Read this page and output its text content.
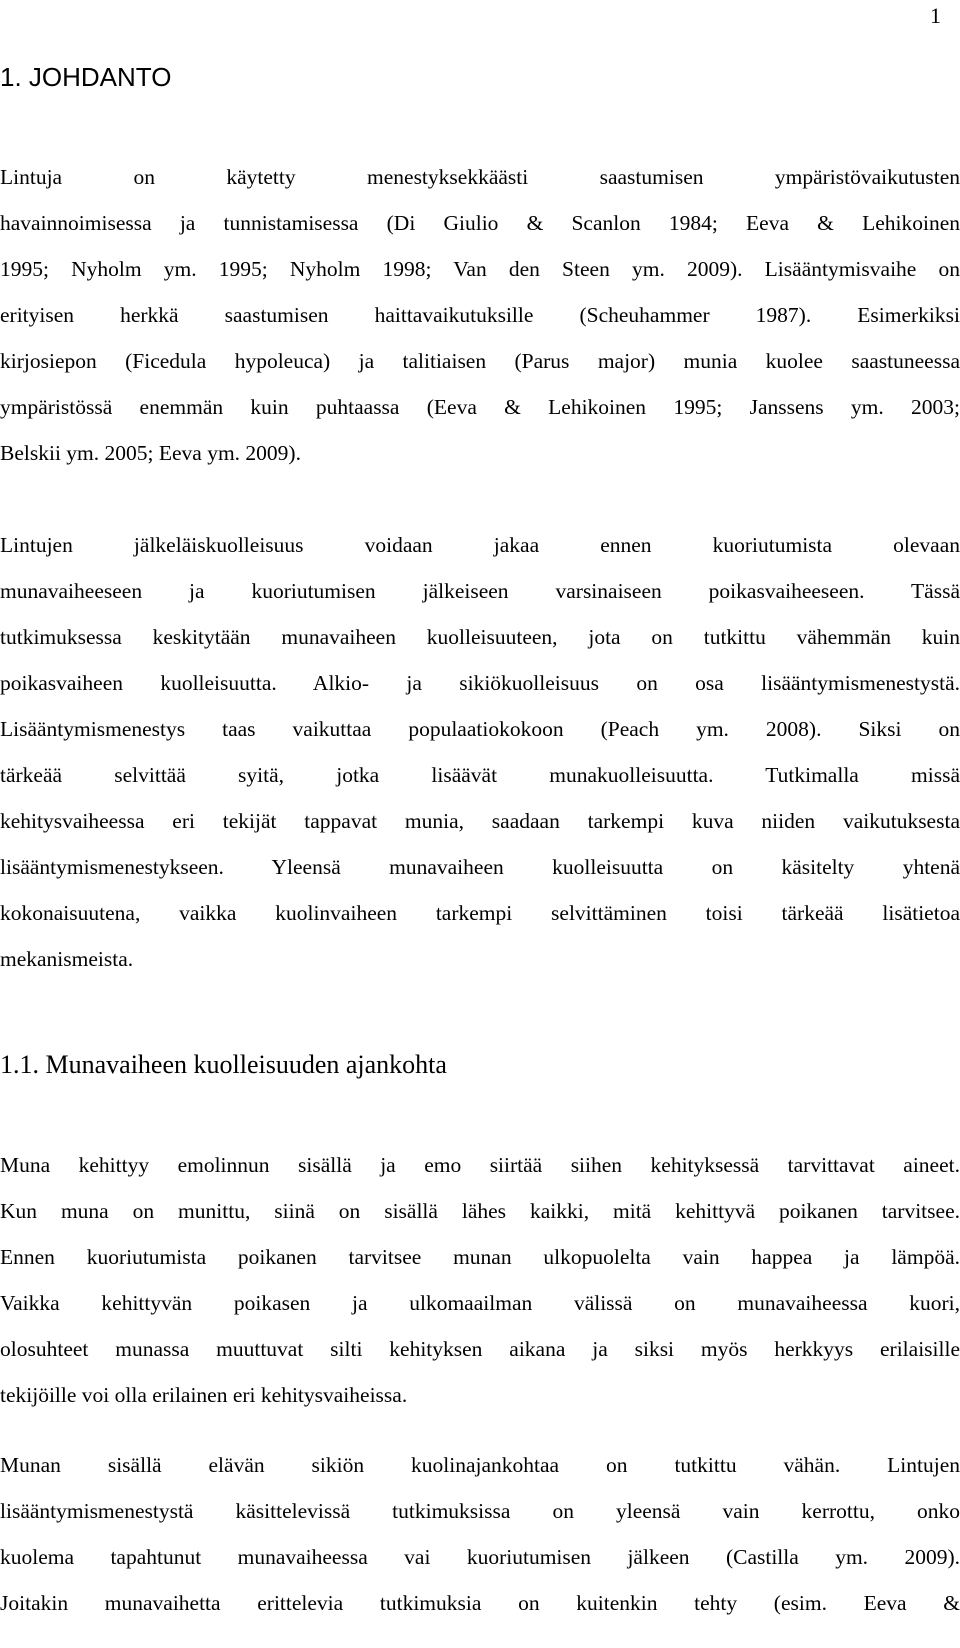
1
1. JOHDANTO
Lintuja on käytetty menestyksekkäästi saastumisen ympäristövaikutusten
havainnoimisessa ja tunnistamisessa (Di Giulio & Scanlon 1984; Eeva & Lehikoinen
1995; Nyholm ym. 1995; Nyholm 1998; Van den Steen ym. 2009). Lisääntymisvaihe on
erityisen herkkä saastumisen haittavaikutuksille (Scheuhammer 1987). Esimerkiksi
kirjosiepon (Ficedula hypoleuca) ja talitiaisen (Parus major) munia kuolee saastuneessa
ympäristössä enemmän kuin puhtaassa (Eeva & Lehikoinen 1995; Janssens ym. 2003;
Belskii ym. 2005; Eeva ym. 2009).
Lintujen jälkeläiskuolleisuus voidaan jakaa ennen kuoriutumista olevaan
munavaiheeseen ja kuoriutumisen jälkeiseen varsinaiseen poikasvaiheeseen. Tässä
tutkimuksessa keskitytään munavaiheen kuolleisuuteen, jota on tutkittu vähemmän kuin
poikasvaiheen kuolleisuutta. Alkio- ja sikiökuolleisuus on osa lisääntymismenestystä.
Lisääntymismenestys taas vaikuttaa populaatiokokoon (Peach ym. 2008). Siksi on
tärkeää selvittää syitä, jotka lisäävät munakuolleisuutta. Tutkimalla missä
kehitysvaiheessa eri tekijät tappavat munia, saadaan tarkempi kuva niiden vaikutuksesta
lisääntymismenestykseen. Yleensä munavaiheen kuolleisuutta on käsitelty yhtenä
kokonaisuutena, vaikka kuolinvaiheen tarkempi selvittäminen toisi tärkeää lisätietoa
mekanismeista.
1.1. Munavaiheen kuolleisuuden ajankohta
Muna kehittyy emolinnun sisällä ja emo siirtää siihen kehityksessä tarvittavat aineet.
Kun muna on munittu, siinä on sisällä lähes kaikki, mitä kehittyvä poikanen tarvitsee.
Ennen kuoriutumista poikanen tarvitsee munan ulkopuolelta vain happea ja lämpöä.
Vaikka kehittyvän poikasen ja ulkomaailman välissä on munavaiheessa kuori,
olosuhteet munassa muuttuvat silti kehityksen aikana ja siksi myös herkkyys erilaisille
tekijöille voi olla erilainen eri kehitysvaiheissa.
Munan sisällä elävän sikiön kuolinajankohtaa on tutkittu vähän. Lintujen
lisääntymismenestystä käsittelevissä tutkimuksissa on yleensä vain kerrottu, onko
kuolema tapahtunut munavaiheessa vai kuoriutumisen jälkeen (Castilla ym. 2009).
Joitakin munavaihetta erittelevia tutkimuksia on kuitenkin tehty (esim. Eeva &
